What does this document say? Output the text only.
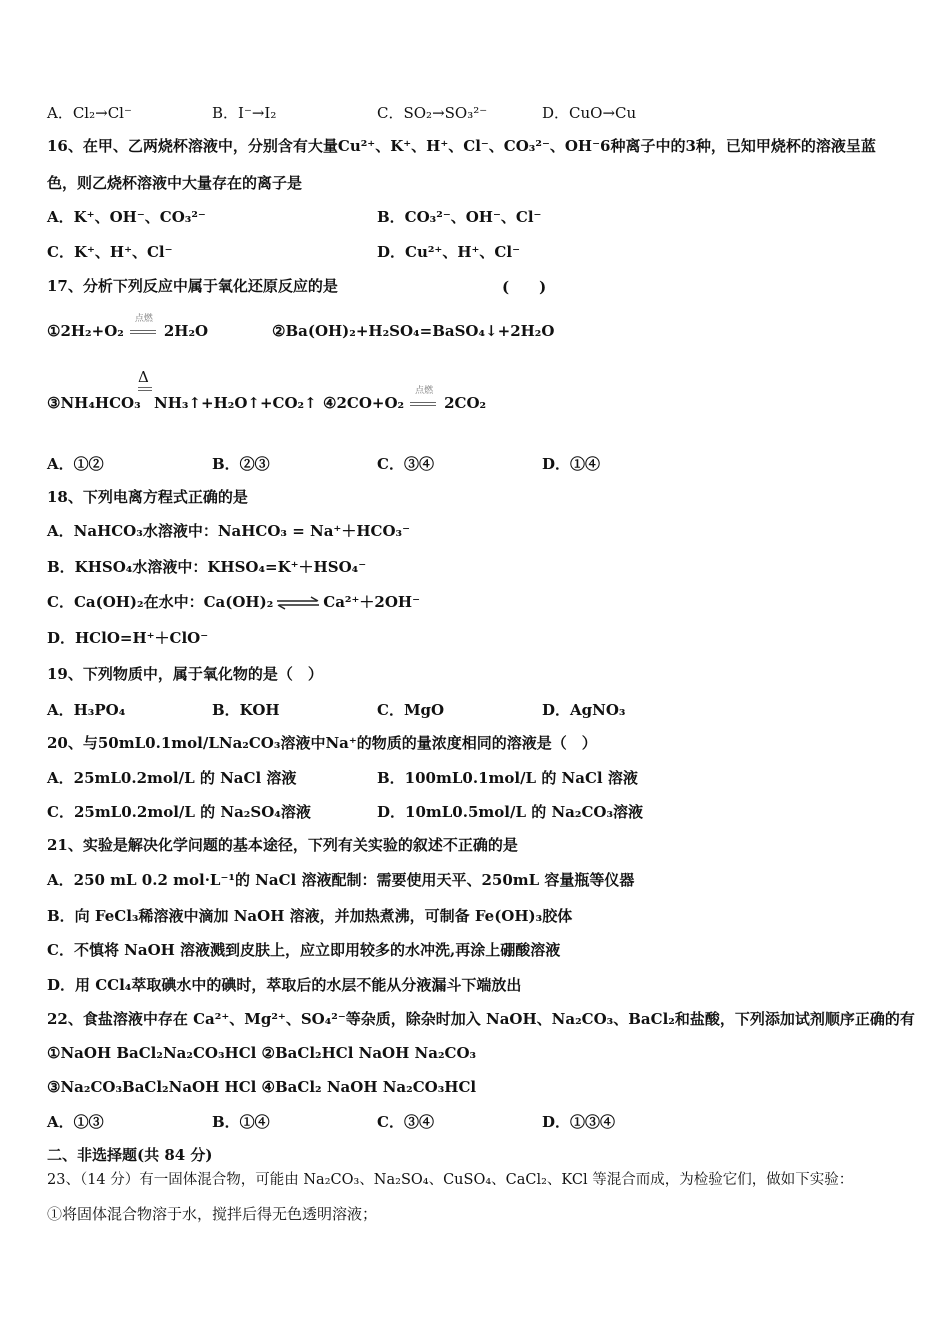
A．Cl₂→Cl⁻	B．I⁻→I₂	C．SO₂→SO₃²⁻	D．CuO→Cu
16、在甲、乙两烧杯溶液中，分别含有大量Cu²⁺、K⁺、H⁺、Cl⁻、CO₃²⁻、OH⁻6种离子中的3种，已知甲烧杯的溶液呈蓝
色，则乙烧杯溶液中大量存在的离子是
A．K⁺、OH⁻、CO₃²⁻	B．CO₃²⁻、OH⁻、Cl⁻
C．K⁺、H⁺、Cl⁻	D．Cu²⁺、H⁺、Cl⁻
17、分析下列反应中属于氧化还原反应的是	(　　)
①2H₂+O₂
点燃
2H₂O	②Ba(OH)₂+H₂SO₄=BaSO₄↓+2H₂O
Δ
③NH₄HCO₃ NH₃↑+H₂O↑+CO₂↑ ④2CO+O₂
点燃
2CO₂
A．①②	B．②③	C．③④	D．①④
18、下列电离方程式正确的是
A．NaHCO₃水溶液中：NaHCO₃ = Na⁺＋HCO₃⁻
B．KHSO₄水溶液中：KHSO₄=K⁺＋HSO₄⁻
C．Ca(OH)₂在水中：Ca(OH)₂ ⇌ Ca²⁺＋2OH⁻
D．HClO=H⁺＋ClO⁻
19、下列物质中，属于氧化物的是（　）
A．H₃PO₄	B．KOH	C．MgO	D．AgNO₃
20、与50mL0.1mol/LNa₂CO₃溶液中Na⁺的物质的量浓度相同的溶液是（　）
A．25mL0.2mol/L 的 NaCl 溶液	B．100mL0.1mol/L 的 NaCl 溶液
C．25mL0.2mol/L 的 Na₂SO₄溶液	D．10mL0.5mol/L 的 Na₂CO₃溶液
21、实验是解决化学问题的基本途径，下列有关实验的叙述不正确的是
A．250 mL 0.2 mol·L⁻¹的 NaCl 溶液配制：需要使用天平、250mL 容量瓶等仪器
B．向 FeCl₃稀溶液中滴加 NaOH 溶液，并加热煮沸，可制备 Fe(OH)₃胶体
C．不慎将 NaOH 溶液溅到皮肤上，应立即用较多的水冲洗,再涂上硼酸溶液
D．用 CCl₄萃取碘水中的碘时，萃取后的水层不能从分液漏斗下端放出
22、食盐溶液中存在 Ca²⁺、Mg²⁺、SO₄²⁻等杂质，除杂时加入 NaOH、Na₂CO₃、BaCl₂和盐酸，下列添加试剂顺序正确的有
①NaOH BaCl₂Na₂CO₃HCl ②BaCl₂HCl NaOH Na₂CO₃
③Na₂CO₃BaCl₂NaOH HCl ④BaCl₂ NaOH Na₂CO₃HCl
A．①③	B．①④	C．③④	D．①③④
二、非选择题(共 84 分)
23、（14 分）有一固体混合物，可能由 Na₂CO₃、Na₂SO₄、CuSO₄、CaCl₂、KCl 等混合而成，为检验它们，做如下实验：
①将固体混合物溶于水，搅拌后得无色透明溶液；
